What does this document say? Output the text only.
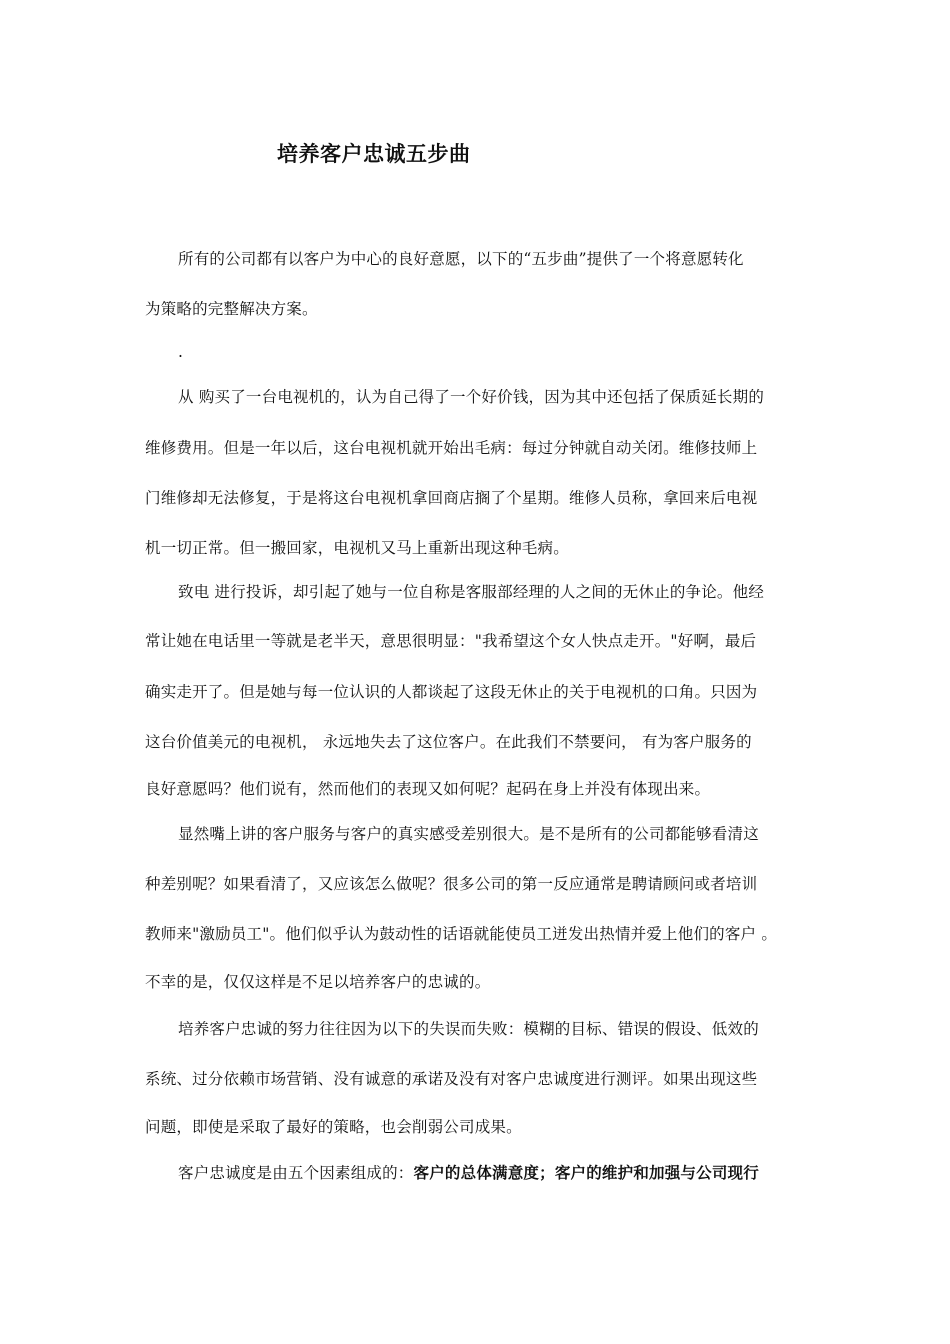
培养客户忠诚五步曲
所有的公司都有以客户为中心的良好意愿，以下的“五步曲”提供了一个将意愿转化
为策略的完整解决方案。
.
从 购买了一台电视机的，认为自己得了一个好价钱，因为其中还包括了保质延长期的
维修费用。但是一年以后，这台电视机就开始出毛病：每过分钟就自动关闭。维修技师上
门维修却无法修复，于是将这台电视机拿回商店搁了个星期。维修人员称，拿回来后电视
机一切正常。但一搬回家，电视机又马上重新出现这种毛病。
致电 进行投诉，却引起了她与一位自称是客服部经理的人之间的无休止的争论。他经
常让她在电话里一等就是老半天，意思很明显："我希望这个女人快点走开。"好啊，最后
确实走开了。但是她与每一位认识的人都谈起了这段无休止的关于电视机的口角。只因为
这台价值美元的电视机， 永远地失去了这位客户。在此我们不禁要问， 有为客户服务的
良好意愿吗？他们说有，然而他们的表现又如何呢？起码在身上并没有体现出来。
显然嘴上讲的客户服务与客户的真实感受差别很大。是不是所有的公司都能够看清这
种差别呢？如果看清了，又应该怎么做呢？很多公司的第一反应通常是聘请顾问或者培训
教师来"激励员工"。他们似乎认为鼓动性的话语就能使员工迸发出热情并爱上他们的客户 。
不幸的是，仅仅这样是不足以培养客户的忠诚的。
培养客户忠诚的努力往往因为以下的失误而失败：模糊的目标、错误的假设、低效的
系统、过分依赖市场营销、没有诚意的承诺及没有对客户忠诚度进行测评。如果出现这些
问题，即使是采取了最好的策略，也会削弱公司成果。
客户忠诚度是由五个因素组成的：客户的总体满意度；客户的维护和加强与公司现行
